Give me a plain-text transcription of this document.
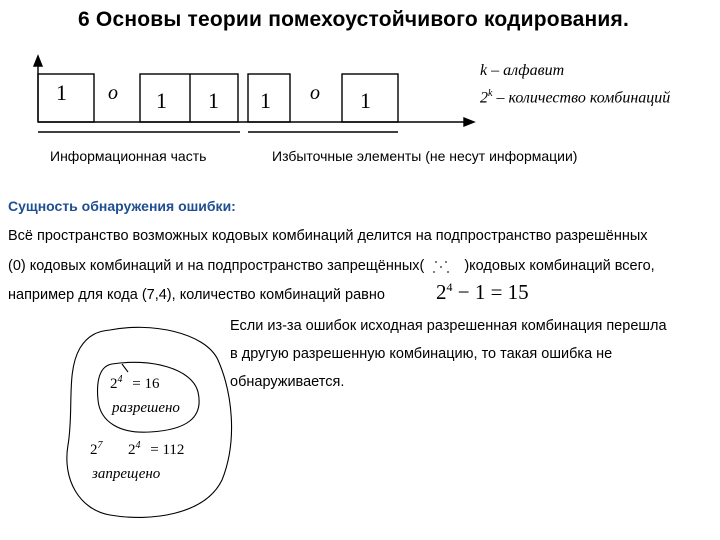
6 Основы теории помехоустойчивого кодирования.
1 o 1 1 1 o 1
k – алфавит
2$^k$ – количество комбинаций
Информационная часть	Избыточные элементы (не несут информации)
Сущность обнаружения ошибки:
Всё пространство возможных кодовых комбинаций делится на подпространство разрешённых
(0) кодовых комбинаций и на подпространство запрещённых(	)кодовых комбинаций всего,
например для кода (7,4), количество комбинаций равно $2^4 - 1 = 15$
Если из-за ошибок исходная разрешенная комбинация перешла
в другую разрешенную комбинацию, то такая ошибка не
обнаруживается.
$2^4 = 16$
разрешено
$2^7$ $2^4 = 112$
запрещено
